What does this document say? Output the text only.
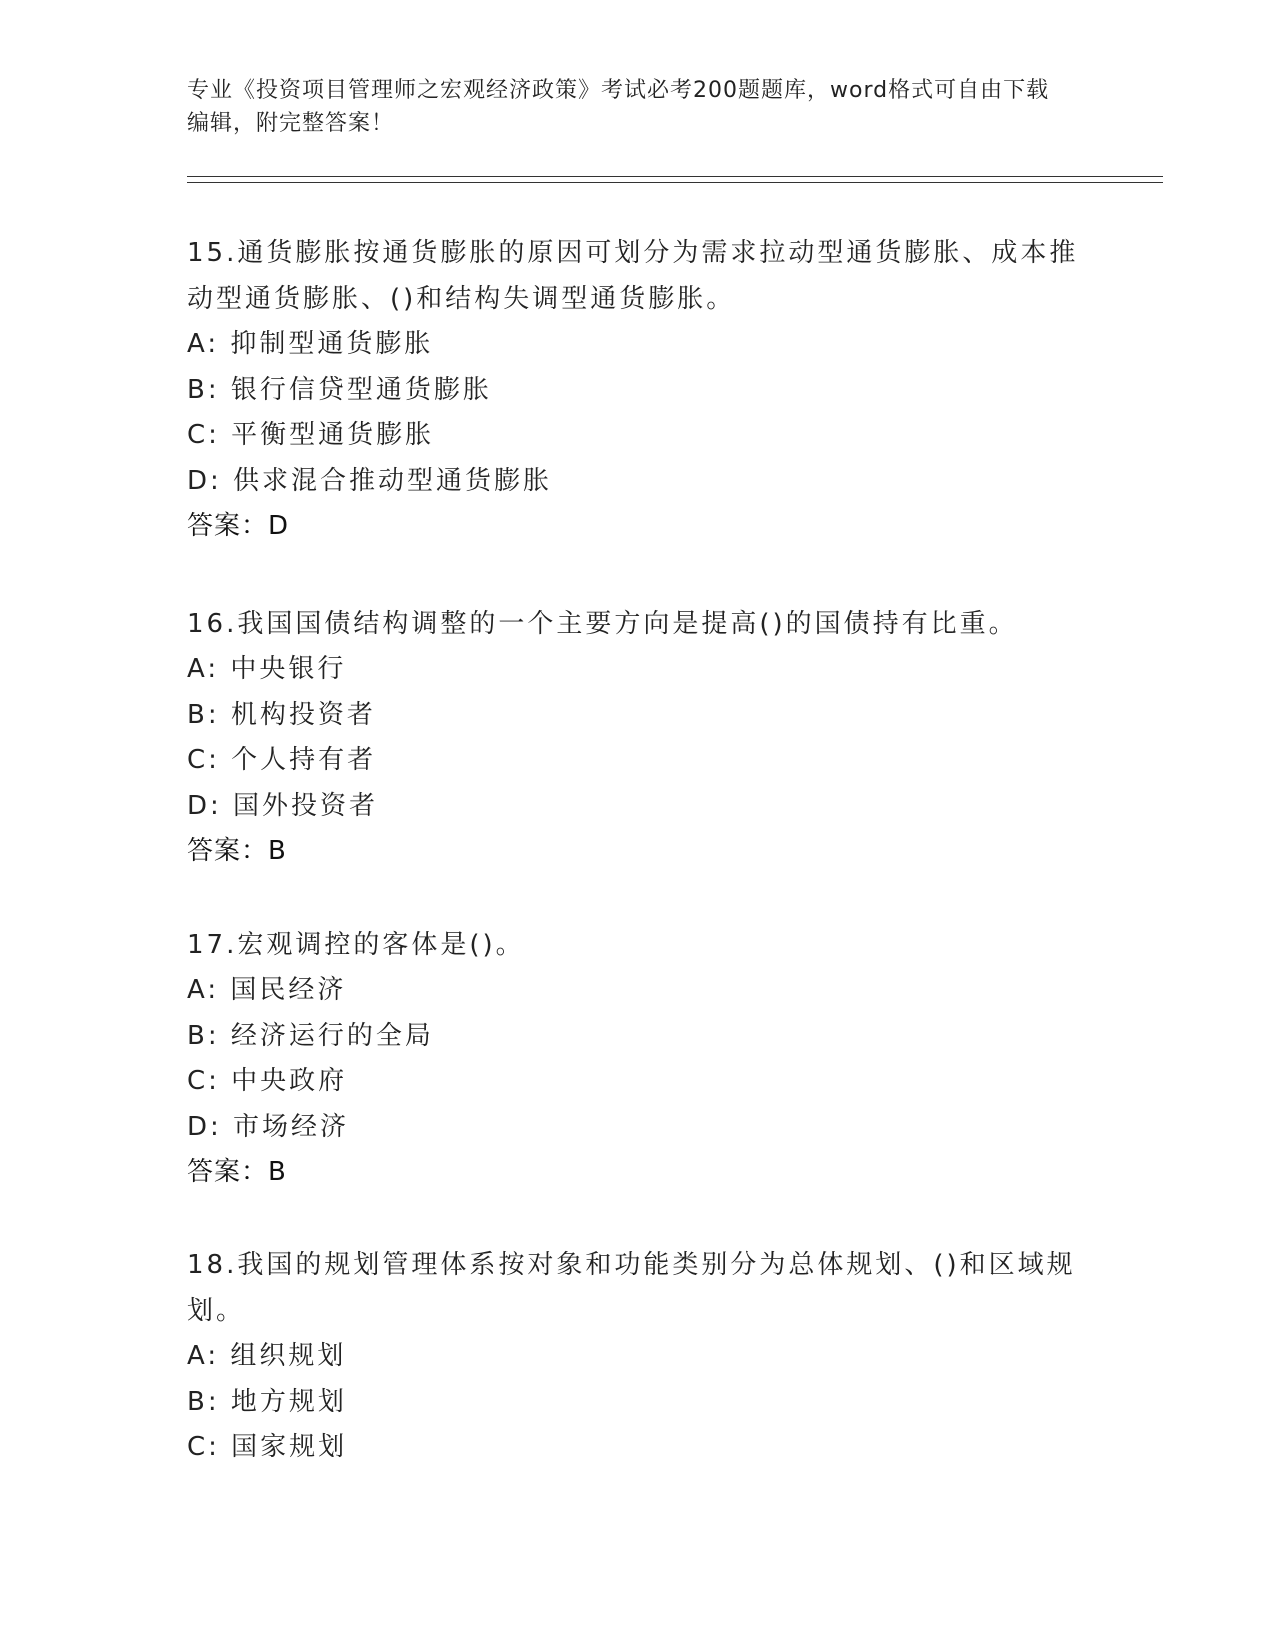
专业《投资项目管理师之宏观经济政策》考试必考200题题库，word格式可自由下载编辑，附完整答案！

15.通货膨胀按通货膨胀的原因可划分为需求拉动型通货膨胀、成本推动型通货膨胀、()和结构失调型通货膨胀。

A: 抑制型通货膨胀

B: 银行信贷型通货膨胀

C: 平衡型通货膨胀

D: 供求混合推动型通货膨胀

答案：D

16.我国国债结构调整的一个主要方向是提高()的国债持有比重。

A: 中央银行

B: 机构投资者

C: 个人持有者

D: 国外投资者

答案：B

17.宏观调控的客体是()。

A: 国民经济

B: 经济运行的全局

C: 中央政府

D: 市场经济

答案：B

18.我国的规划管理体系按对象和功能类别分为总体规划、()和区域规划。

A: 组织规划

B: 地方规划

C: 国家规划
